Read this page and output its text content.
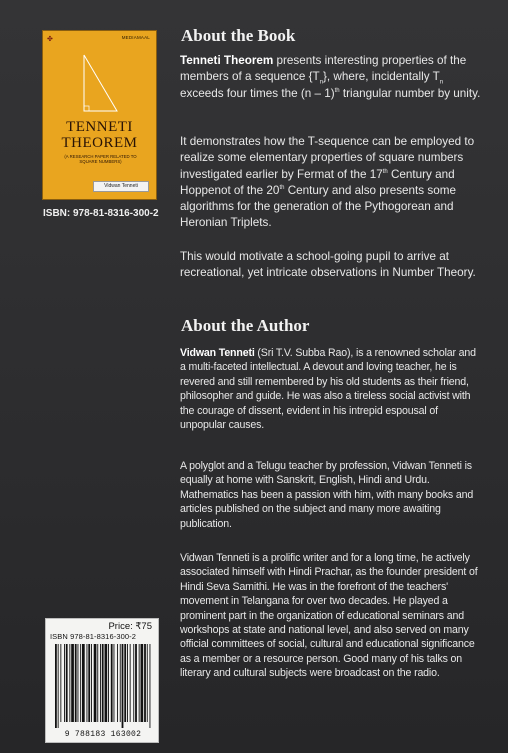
✤	MEDIAMAAL
TENNETI
THEOREM
(A RESEARCH PAPER RELATED TO SQUARE NUMBERS)
Vidwan Tenneti
ISBN: 978-81-8316-300-2
About the Book

Tenneti Theorem presents interesting properties of the members of a sequence $\{T_n\}$, where, incidentally $T_n$ exceeds four times the (n – 1)$^{th}$ triangular number by unity.

It demonstrates how the T-sequence can be employed to realize some elementary properties of square numbers investigated earlier by Fermat of the 17th Century and Hoppenot of the 20th Century and also presents some algorithms for the generation of the Pythogorean and Heronian Triplets.

This would motivate a school-going pupil to arrive at recreational, yet intricate observations in Number Theory.

About the Author

Vidwan Tenneti (Sri T.V. Subba Rao), is a renowned scholar and a multi-faceted intellectual. A devout and loving teacher, he is revered and still remembered by his old students as their friend, philosopher and guide. He was also a tireless social activist with the courage of dissent, evident in his intrepid espousal of unpopular causes.

A polyglot and a Telugu teacher by profession, Vidwan Tenneti is equally at home with Sanskrit, English, Hindi and Urdu. Mathematics has been a passion with him, with many books and articles published on the subject and many more awaiting publication.

Vidwan Tenneti is a prolific writer and for a long time, he actively associated himself with Hindi Prachar, as the founder president of Hindi Seva Samithi. He was in the forefront of the teachers' movement in Telangana for over two decades. He played a prominent part in the organization of educational seminars and workshops at state and national level, and also served on many official committees of social, cultural and educational significance as a member or a resource person. Good many of his talks on literary and cultural subjects were broadcast on the radio.

Price: ₹75
ISBN 978-81-8316-300-2
9 788183 163002
